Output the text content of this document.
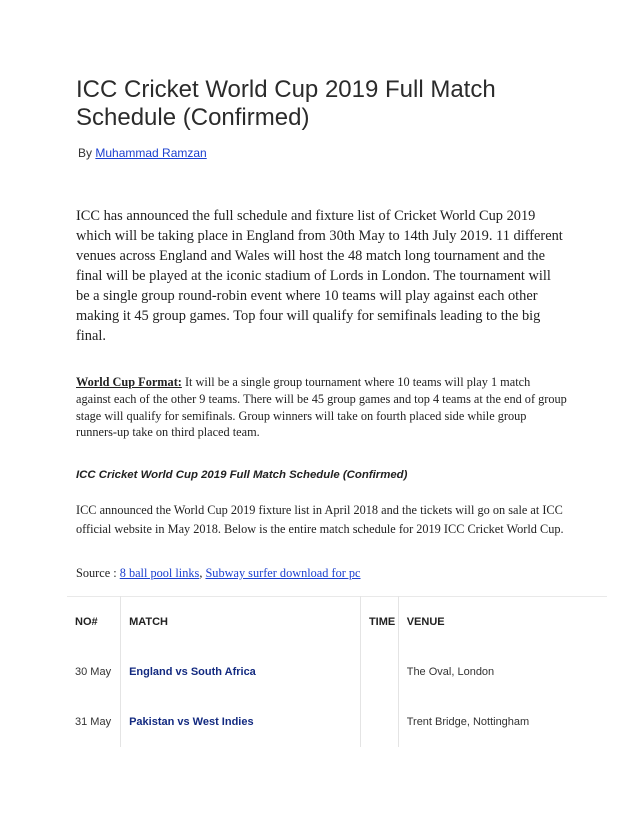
ICC Cricket World Cup 2019 Full Match Schedule (Confirmed)
By Muhammad Ramzan

ICC has announced the full schedule and fixture list of Cricket World Cup 2019 which will be taking place in England from 30th May to 14th July 2019. 11 different venues across England and Wales will host the 48 match long tournament and the final will be played at the iconic stadium of Lords in London. The tournament will be a single group round-robin event where 10 teams will play against each other making it 45 group games. Top four will qualify for semifinals leading to the big final.

World Cup Format: It will be a single group tournament where 10 teams will play 1 match against each of the other 9 teams. There will be 45 group games and top 4 teams at the end of group stage will qualify for semifinals. Group winners will take on fourth placed side while group runners-up take on third placed team.

ICC Cricket World Cup 2019 Full Match Schedule (Confirmed)

ICC announced the World Cup 2019 fixture list in April 2018 and the tickets will go on sale at ICC official website in May 2018. Below is the entire match schedule for 2019 ICC Cricket World Cup.

Source : 8 ball pool links, Subway surfer download for pc

NO#	MATCH	TIME	VENUE
30 May	England vs South Africa		The Oval, London
31 May	Pakistan vs West Indies		Trent Bridge, Nottingham
